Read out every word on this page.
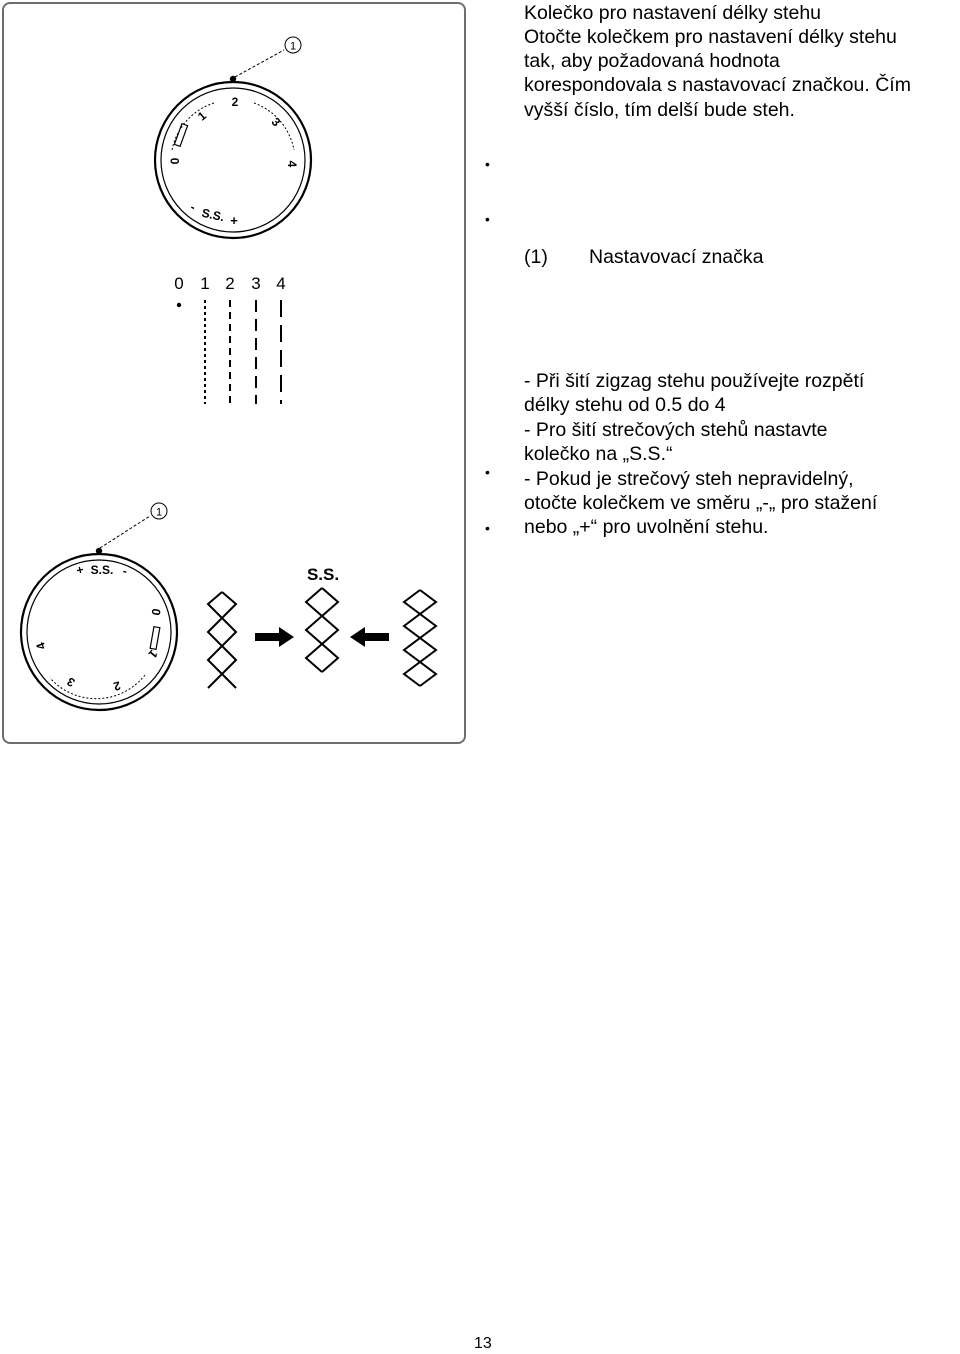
1
0
1
2
3
4
- S.S. +
0 1 2 3 4
1
+ S.S. -
0
1
2
3
4
S.S.
Kolečko pro nastavení délky stehu
Otočte kolečkem pro nastavení délky stehu
tak, aby požadovaná hodnota
korespondovala s nastavovací značkou. Čím
vyšší číslo, tím delší bude steh.
•
•
(1) Nastavovací značka
- Při šití zigzag stehu používejte rozpětí
délky stehu od 0.5 do 4
- Pro šití strečových stehů nastavte
kolečko na „S.S.“
- Pokud je strečový steh nepravidelný,
otočte kolečkem ve směru „-„ pro stažení
nebo „+“ pro uvolnění stehu.
•
•
13
